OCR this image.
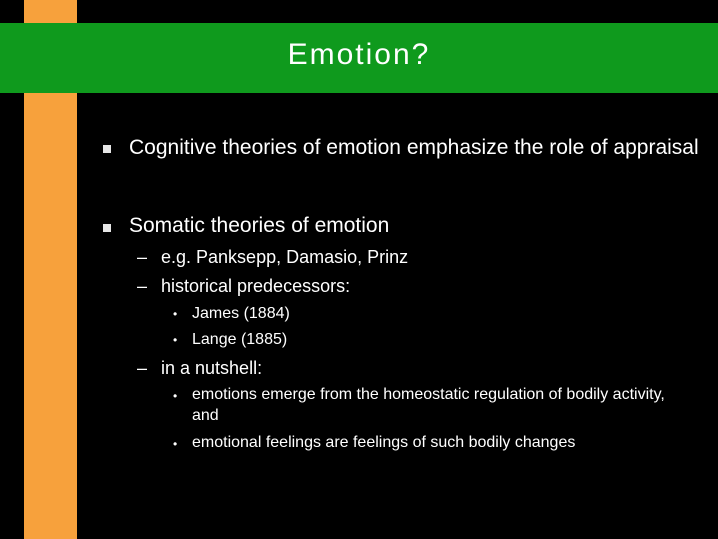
Emotion?
Cognitive theories of emotion emphasize the role of appraisal
Somatic theories of emotion
– e.g. Panksepp, Damasio, Prinz
– historical predecessors:
• James (1884)
• Lange (1885)
– in a nutshell:
• emotions emerge from the homeostatic regulation of bodily activity, and
• emotional feelings are feelings of such bodily changes
